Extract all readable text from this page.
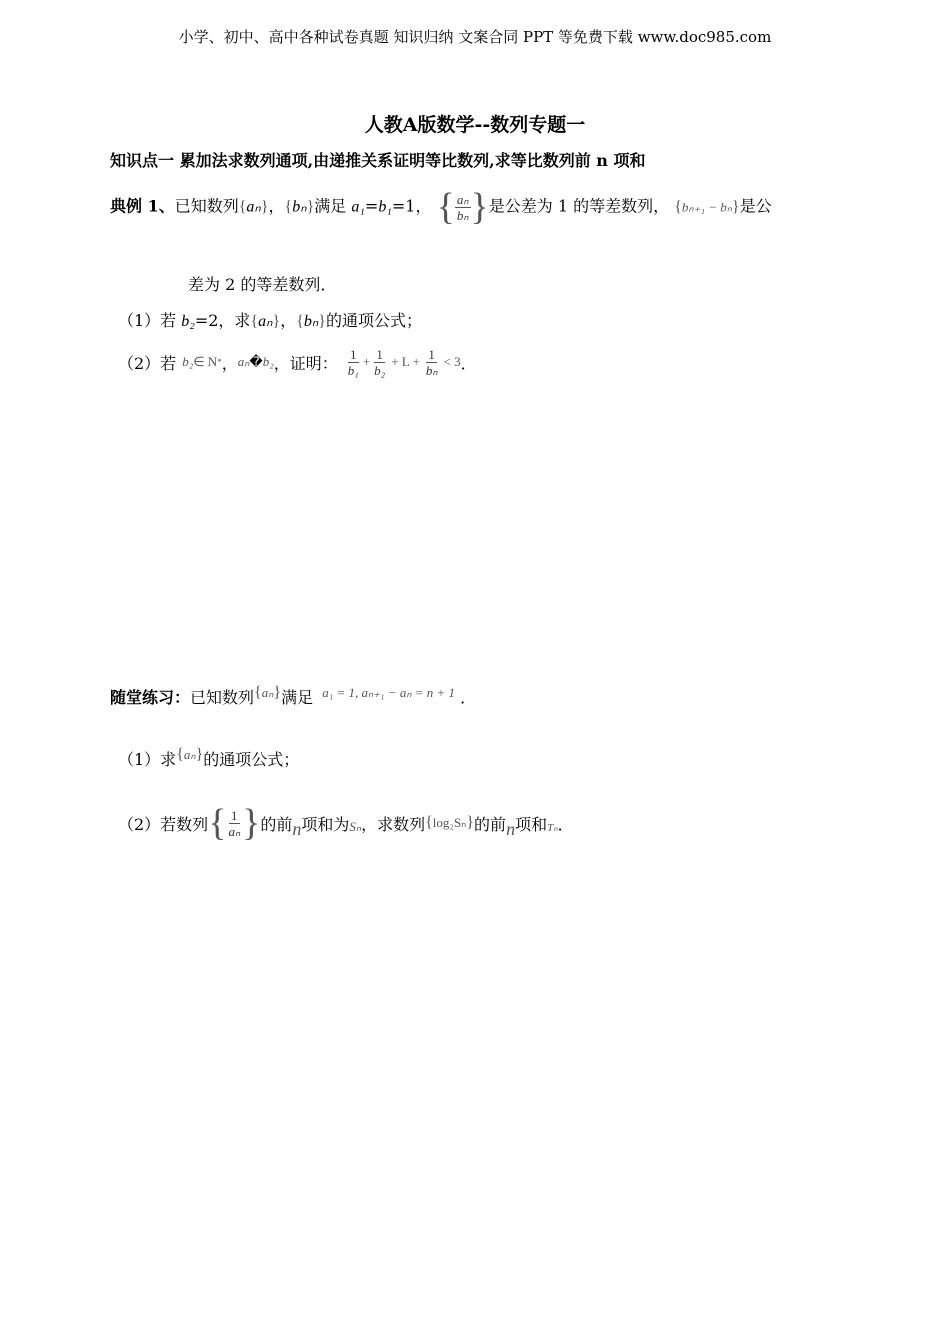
小学、初中、高中各种试卷真题 知识归纳 文案合同 PPT 等免费下载 www.doc985.com
人教A版数学--数列专题一
知识点一 累加法求数列通项,由递推关系证明等比数列,求等比数列前 n 项和
典例 1、已知数列{aₙ}，{bₙ}满足 a₁=b₁=1， { $\frac{\text{aₙ}}{\text{bₙ}}$ }是公差为 1 的等差数列， {bₙ₊₁ − bₙ}是公
差为 2 的等差数列．
（1）若 b₂=2，求{aₙ}，{bₙ}的通项公式；
（2）若 b₂ ∈ N * ， aₙ � b₂ ，证明： $\frac{1}{\text{b₁}} + \frac{1}{\text{b₂}} + L + \frac{1}{\text{bₙ}} < 3$ ．
随堂练习：已知数列{$^{a_n}$}满足 $^{a_1 = 1, a_{n+1} - a_n = n + 1}$ ．
（1）求{$^{a_n}$}的通项公式；
（2）若数列 { $\frac{1}{\text{aₙ}}$ } 的前 n 项和为 Sₙ ，求数列 { log₂Sₙ } 的前 n 项和 Tₙ ．
